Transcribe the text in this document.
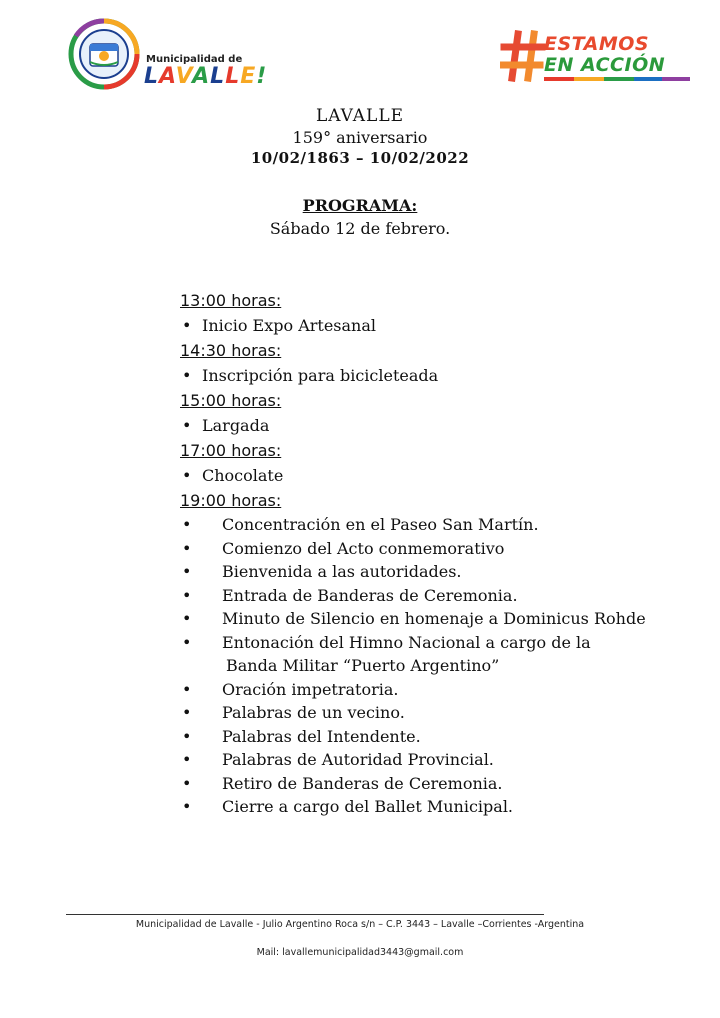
Municipalidad de
LAVALLE!
ESTAMOS
EN ACCIÓN
LAVALLE
159° aniversario
10/02/1863 – 10/02/2022
PROGRAMA:
Sábado 12 de febrero.
13:00 horas:
• Inicio Expo Artesanal
14:30 horas:
• Inscripción para bicicleteada
15:00 horas:
• Largada
17:00 horas:
• Chocolate
19:00 horas:
• Concentración en el Paseo San Martín.
• Comienzo del Acto conmemorativo
• Bienvenida a las autoridades.
• Entrada de Banderas de Ceremonia.
• Minuto de Silencio en homenaje a Dominicus Rohde
• Entonación del Himno Nacional a cargo de la
Banda Militar “Puerto Argentino”
• Oración impetratoria.
• Palabras de un vecino.
• Palabras del Intendente.
• Palabras de Autoridad Provincial.
• Retiro de Banderas de Ceremonia.
• Cierre a cargo del Ballet Municipal.
Municipalidad de Lavalle - Julio Argentino Roca s/n – C.P. 3443 – Lavalle –Corrientes -Argentina
Mail: lavallemunicipalidad3443@gmail.com
